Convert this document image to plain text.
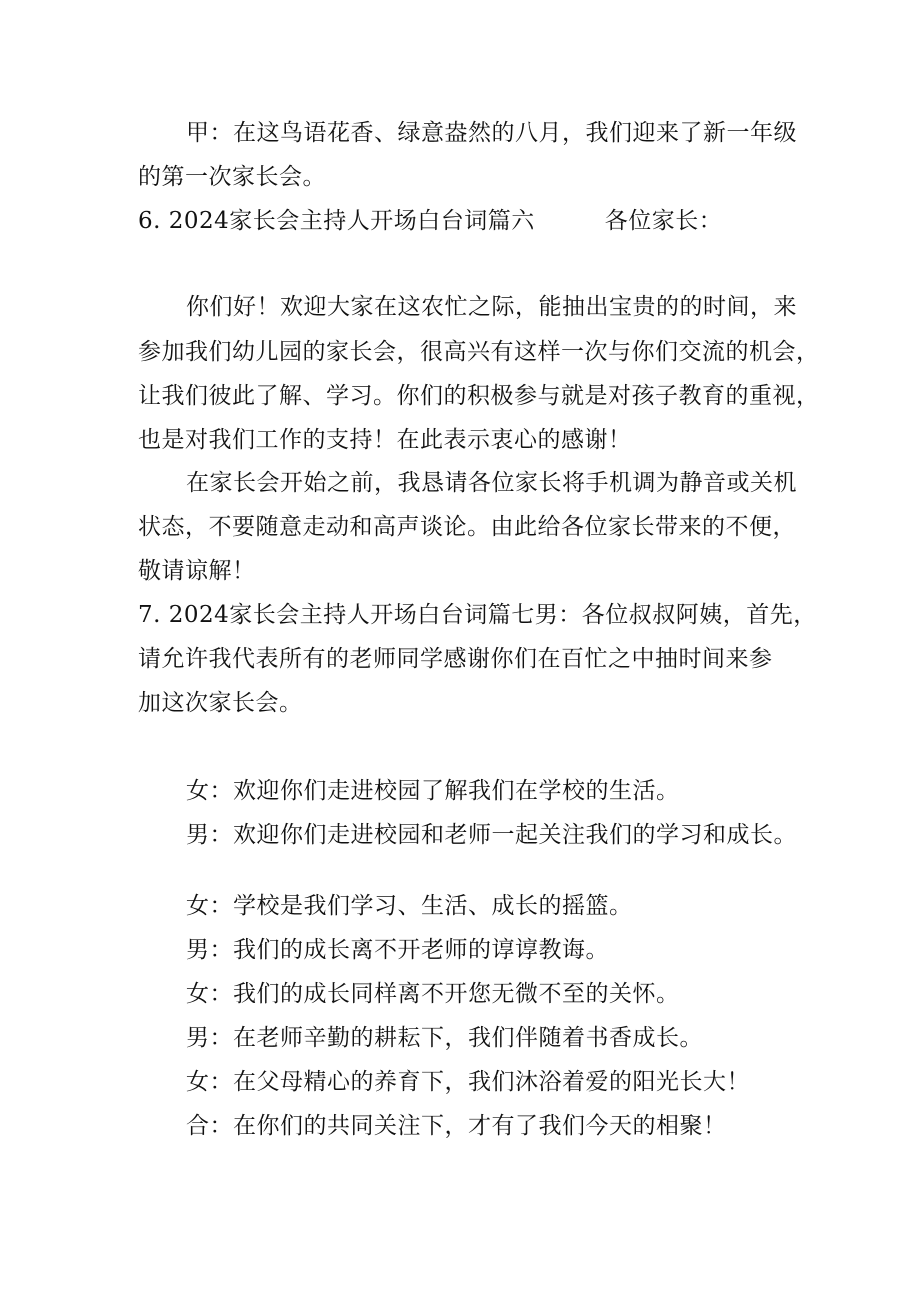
甲：在这鸟语花香、绿意盎然的八月，我们迎来了新一年级
的第一次家长会。
6. 2024家长会主持人开场白台词篇六	各位家长：
你们好！欢迎大家在这农忙之际，能抽出宝贵的的时间，来
参加我们幼儿园的家长会，很高兴有这样一次与你们交流的机会，
让我们彼此了解、学习。你们的积极参与就是对孩子教育的重视，
也是对我们工作的支持！在此表示衷心的感谢！
在家长会开始之前，我恳请各位家长将手机调为静音或关机
状态，不要随意走动和高声谈论。由此给各位家长带来的不便，
敬请谅解！
7. 2024家长会主持人开场白台词篇七男：各位叔叔阿姨，首先，
请允许我代表所有的老师同学感谢你们在百忙之中抽时间来参
加这次家长会。
女：欢迎你们走进校园了解我们在学校的生活。
男：欢迎你们走进校园和老师一起关注我们的学习和成长。
女：学校是我们学习、生活、成长的摇篮。
男：我们的成长离不开老师的谆谆教诲。
女：我们的成长同样离不开您无微不至的关怀。
男：在老师辛勤的耕耘下，我们伴随着书香成长。
女：在父母精心的养育下，我们沐浴着爱的阳光长大！
合：在你们的共同关注下，才有了我们今天的相聚！
